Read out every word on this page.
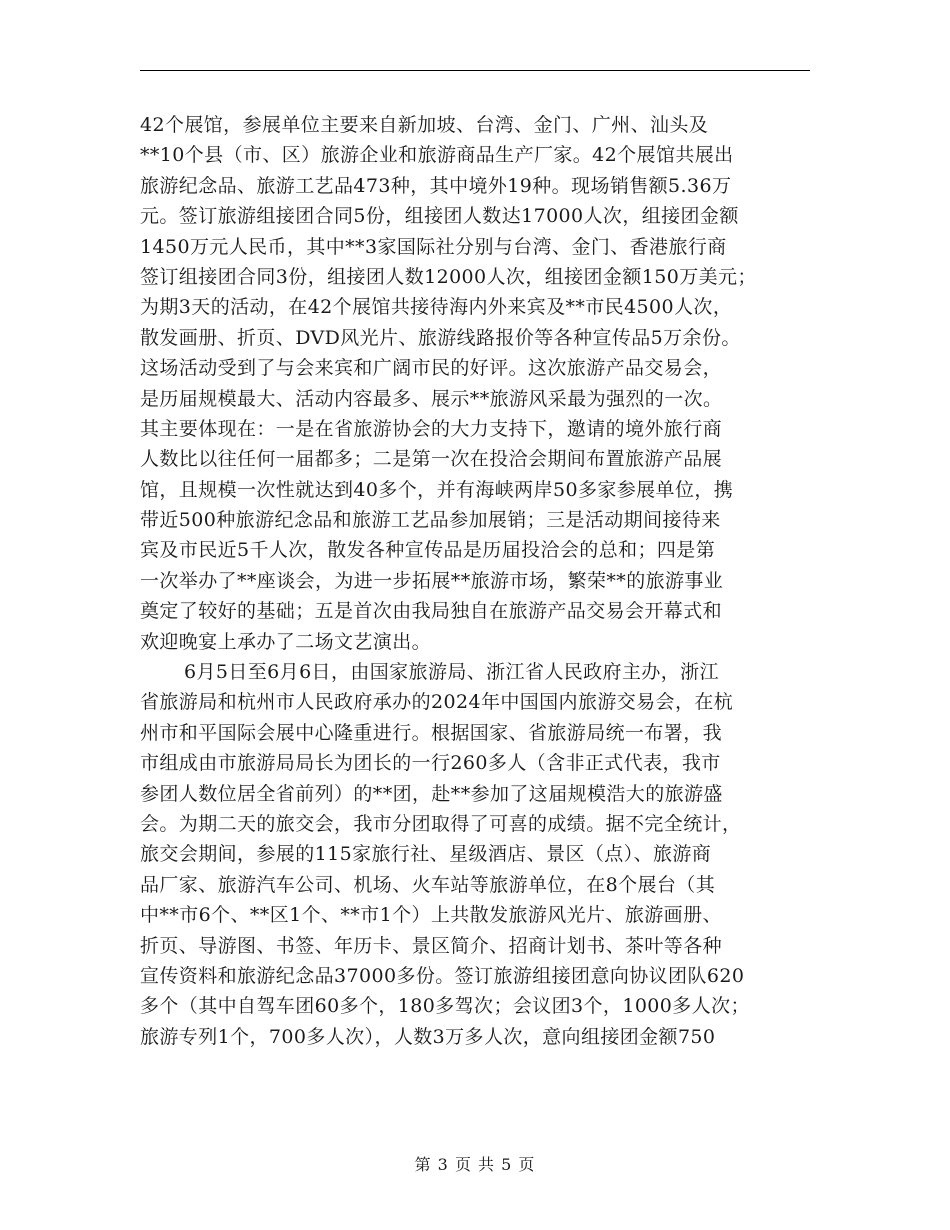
42个展馆，参展单位主要来自新加坡、台湾、金门、广州、汕头及
**10个县（市、区）旅游企业和旅游商品生产厂家。42个展馆共展出
旅游纪念品、旅游工艺品473种，其中境外19种。现场销售额5.36万
元。签订旅游组接团合同5份，组接团人数达17000人次，组接团金额
1450万元人民币，其中**3家国际社分别与台湾、金门、香港旅行商
签订组接团合同3份，组接团人数12000人次，组接团金额150万美元；
为期3天的活动，在42个展馆共接待海内外来宾及**市民4500人次，
散发画册、折页、DVD风光片、旅游线路报价等各种宣传品5万余份。
这场活动受到了与会来宾和广阔市民的好评。这次旅游产品交易会，
是历届规模最大、活动内容最多、展示**旅游风采最为强烈的一次。
其主要体现在：一是在省旅游协会的大力支持下，邀请的境外旅行商
人数比以往任何一届都多；二是第一次在投洽会期间布置旅游产品展
馆，且规模一次性就达到40多个，并有海峡两岸50多家参展单位，携
带近500种旅游纪念品和旅游工艺品参加展销；三是活动期间接待来
宾及市民近5千人次，散发各种宣传品是历届投洽会的总和；四是第
一次举办了**座谈会，为进一步拓展**旅游市场，繁荣**的旅游事业
奠定了较好的基础；五是首次由我局独自在旅游产品交易会开幕式和
欢迎晚宴上承办了二场文艺演出。
6月5日至6月6日，由国家旅游局、浙江省人民政府主办，浙江
省旅游局和杭州市人民政府承办的2024年中国国内旅游交易会，在杭
州市和平国际会展中心隆重进行。根据国家、省旅游局统一布署，我
市组成由市旅游局局长为团长的一行260多人（含非正式代表，我市
参团人数位居全省前列）的**团，赴**参加了这届规模浩大的旅游盛
会。为期二天的旅交会，我市分团取得了可喜的成绩。据不完全统计，
旅交会期间，参展的115家旅行社、星级酒店、景区（点）、旅游商
品厂家、旅游汽车公司、机场、火车站等旅游单位，在8个展台（其
中**市6个、**区1个、**市1个）上共散发旅游风光片、旅游画册、
折页、导游图、书签、年历卡、景区简介、招商计划书、茶叶等各种
宣传资料和旅游纪念品37000多份。签订旅游组接团意向协议团队620
多个（其中自驾车团60多个，180多驾次；会议团3个，1000多人次；
旅游专列1个，700多人次），人数3万多人次，意向组接团金额750
第 3 页 共 5 页
